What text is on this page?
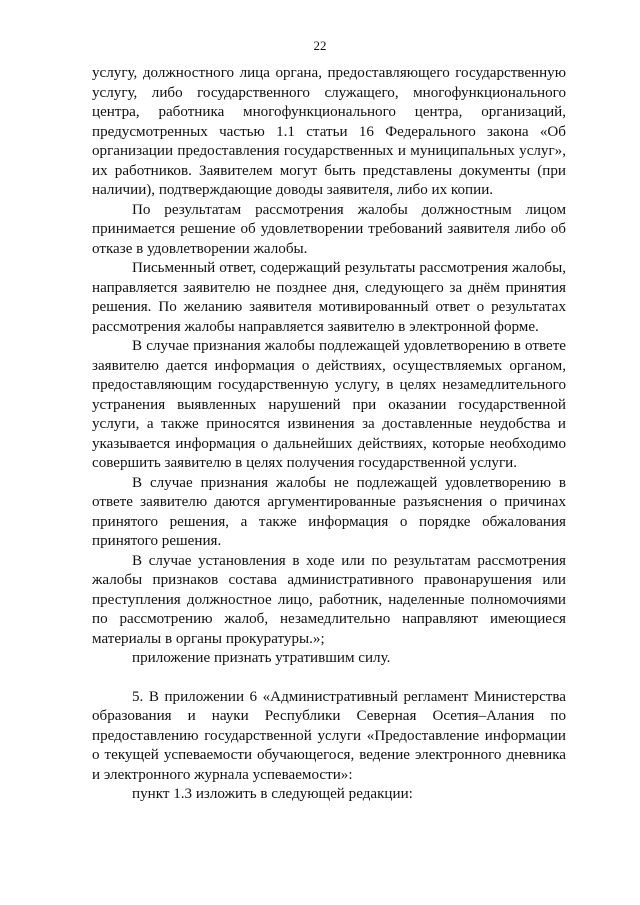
22

услугу, должностного лица органа, предоставляющего государственную услугу, либо государственного служащего, многофункционального центра, работника многофункционального центра, организаций, предусмотренных частью 1.1 статьи 16 Федерального закона «Об организации предоставления государственных и муниципальных услуг», их работников. Заявителем могут быть представлены документы (при наличии), подтверждающие доводы заявителя, либо их копии.

По результатам рассмотрения жалобы должностным лицом принимается решение об удовлетворении требований заявителя либо об отказе в удовлетворении жалобы.

Письменный ответ, содержащий результаты рассмотрения жалобы, направляется заявителю не позднее дня, следующего за днём принятия решения. По желанию заявителя мотивированный ответ о результатах рассмотрения жалобы направляется заявителю в электронной форме.

В случае признания жалобы подлежащей удовлетворению в ответе заявителю дается информация о действиях, осуществляемых органом, предоставляющим государственную услугу, в целях незамедлительного устранения выявленных нарушений при оказании государственной услуги, а также приносятся извинения за доставленные неудобства и указывается информация о дальнейших действиях, которые необходимо совершить заявителю в целях получения государственной услуги.

В случае признания жалобы не подлежащей удовлетворению в ответе заявителю даются аргументированные разъяснения о причинах принятого решения, а также информация о порядке обжалования принятого решения.

В случае установления в ходе или по результатам рассмотрения жалобы признаков состава административного правонарушения или преступления должностное лицо, работник, наделенные полномочиями по рассмотрению жалоб, незамедлительно направляют имеющиеся материалы в органы прокуратуры.»;

приложение признать утратившим силу.

5. В приложении 6 «Административный регламент Министерства образования и науки Республики Северная Осетия–Алания по предоставлению государственной услуги «Предоставление информации о текущей успеваемости обучающегося, ведение электронного дневника и электронного журнала успеваемости»:

пункт 1.3 изложить в следующей редакции:
